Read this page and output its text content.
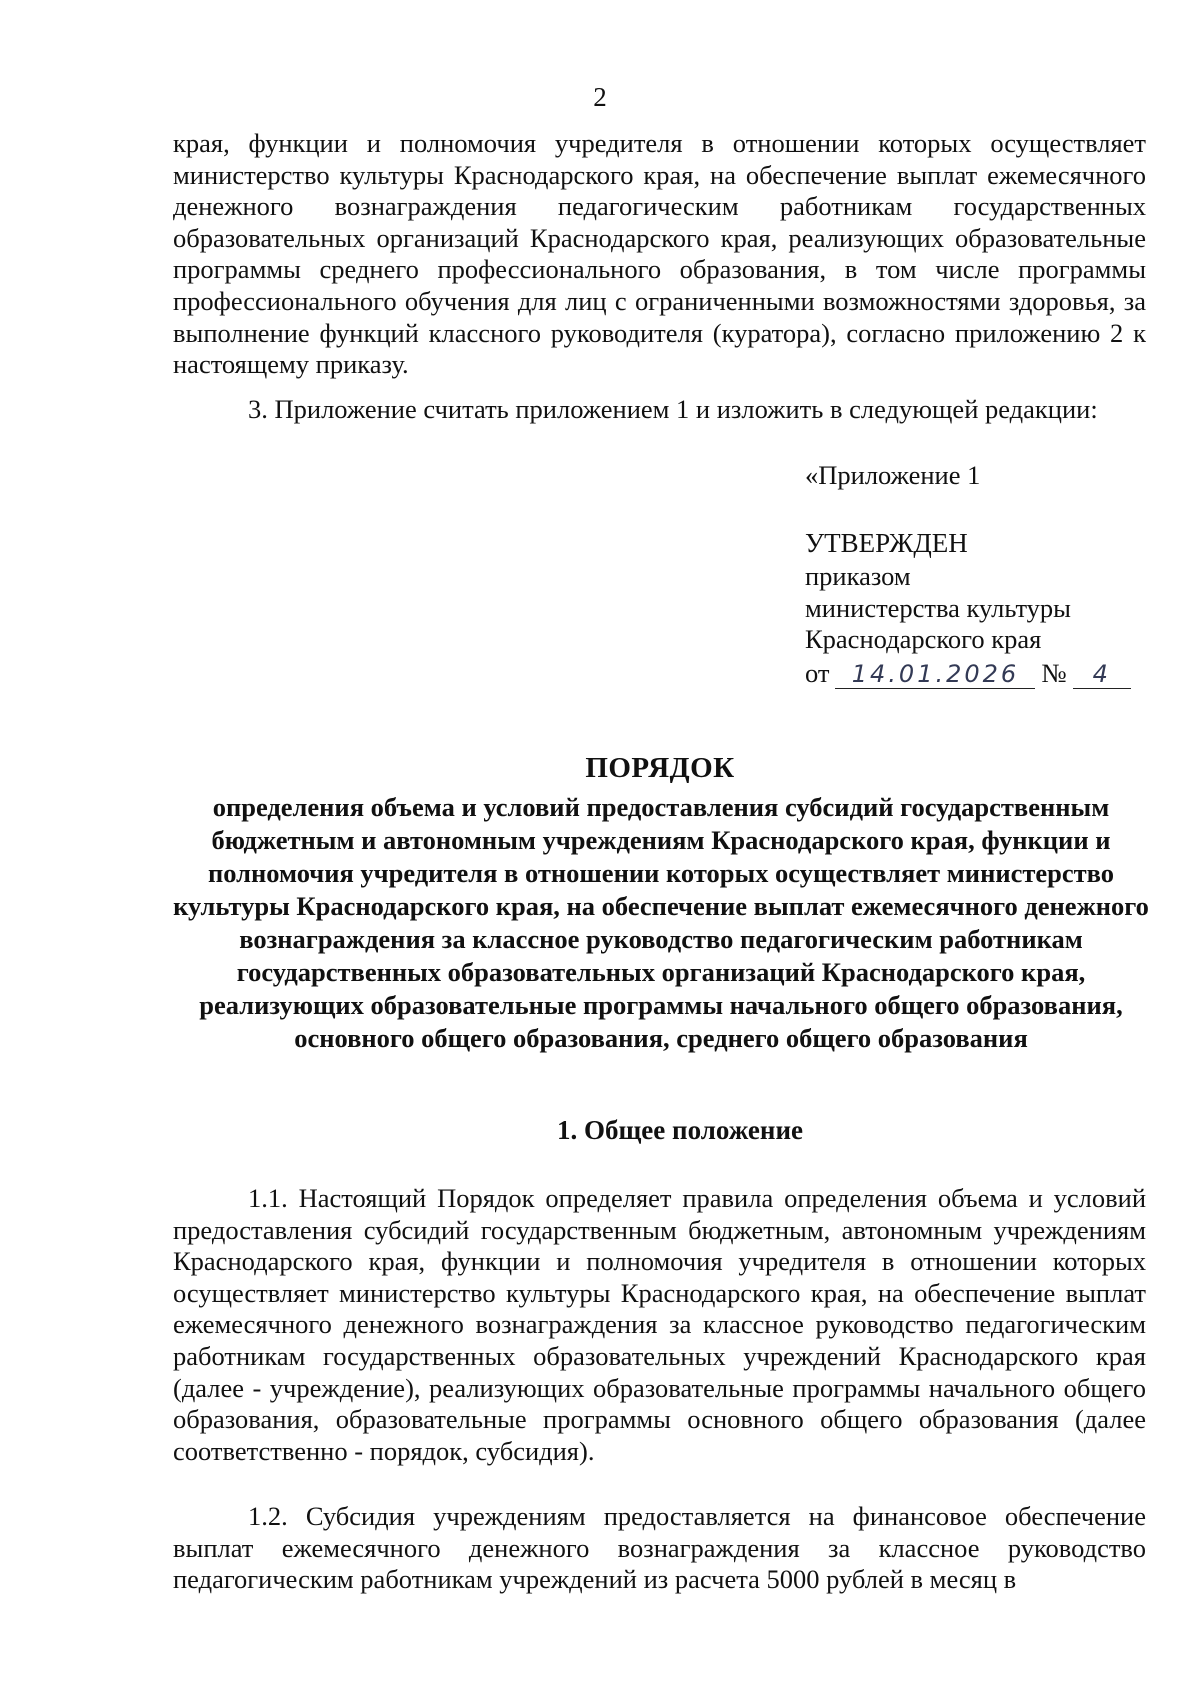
2

края, функции и полномочия учредителя в отношении которых осуществляет министерство культуры Краснодарского края, на обеспечение выплат ежемесячного денежного вознаграждения педагогическим работникам государственных образовательных организаций Краснодарского края, реализующих образовательные программы среднего профессионального образования, в том числе программы профессионального обучения для лиц с ограниченными возможностями здоровья, за выполнение функций классного руководителя (куратора), согласно приложению 2 к настоящему приказу.

3. Приложение считать приложением 1 и изложить в следующей редакции:

«Приложение 1
УТВЕРЖДЕН
приказом
министерства культуры
Краснодарского края
от 14.01.2026 №	4
ПОРЯДОК

определения объема и условий предоставления субсидий государственным бюджетным и автономным учреждениям Краснодарского края, функции и полномочия учредителя в отношении которых осуществляет министерство культуры Краснодарского края, на обеспечение выплат ежемесячного денежного вознаграждения за классное руководство педагогическим работникам государственных образовательных организаций Краснодарского края, реализующих образовательные программы начального общего образования, основного общего образования, среднего общего образования

1. Общее положение

1.1. Настоящий Порядок определяет правила определения объема и условий предоставления субсидий государственным бюджетным, автономным учреждениям Краснодарского края, функции и полномочия учредителя в отношении которых осуществляет министерство культуры Краснодарского края, на обеспечение выплат ежемесячного денежного вознаграждения за классное руководство педагогическим работникам государственных образовательных учреждений Краснодарского края (далее - учреждение), реализующих образовательные программы начального общего образования, образовательные программы основного общего образования (далее соответственно - порядок, субсидия).

1.2. Субсидия учреждениям предоставляется на финансовое обеспечение выплат ежемесячного денежного вознаграждения за классное руководство педагогическим работникам учреждений из расчета 5000 рублей в месяц в
